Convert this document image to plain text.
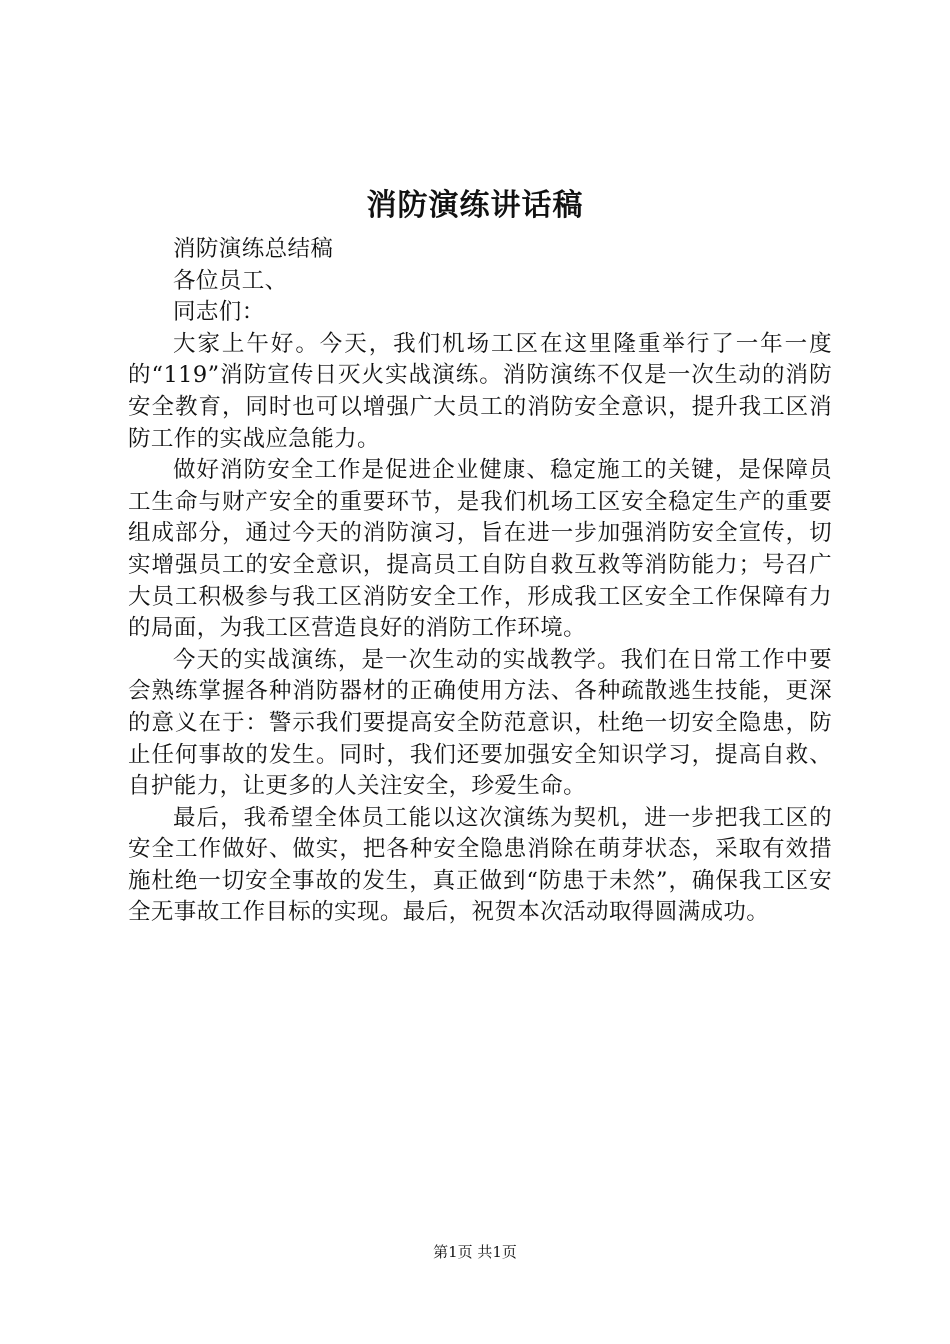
消防演练讲话稿

消防演练总结稿

各位员工、

同志们：

大家上午好。今天，我们机场工区在这里隆重举行了一年一度的“119”消防宣传日灭火实战演练。消防演练不仅是一次生动的消防安全教育，同时也可以增强广大员工的消防安全意识，提升我工区消防工作的实战应急能力。

做好消防安全工作是促进企业健康、稳定施工的关键，是保障员工生命与财产安全的重要环节，是我们机场工区安全稳定生产的重要组成部分，通过今天的消防演习，旨在进一步加强消防安全宣传，切实增强员工的安全意识，提高员工自防自救互救等消防能力；号召广大员工积极参与我工区消防安全工作，形成我工区安全工作保障有力的局面，为我工区营造良好的消防工作环境。

今天的实战演练，是一次生动的实战教学。我们在日常工作中要会熟练掌握各种消防器材的正确使用方法、各种疏散逃生技能，更深的意义在于：警示我们要提高安全防范意识，杜绝一切安全隐患，防止任何事故的发生。同时，我们还要加强安全知识学习，提高自救、自护能力，让更多的人关注安全，珍爱生命。

最后，我希望全体员工能以这次演练为契机，进一步把我工区的安全工作做好、做实，把各种安全隐患消除在萌芽状态，采取有效措施杜绝一切安全事故的发生，真正做到“防患于未然”，确保我工区安全无事故工作目标的实现。最后，祝贺本次活动取得圆满成功。

第1页 共1页
